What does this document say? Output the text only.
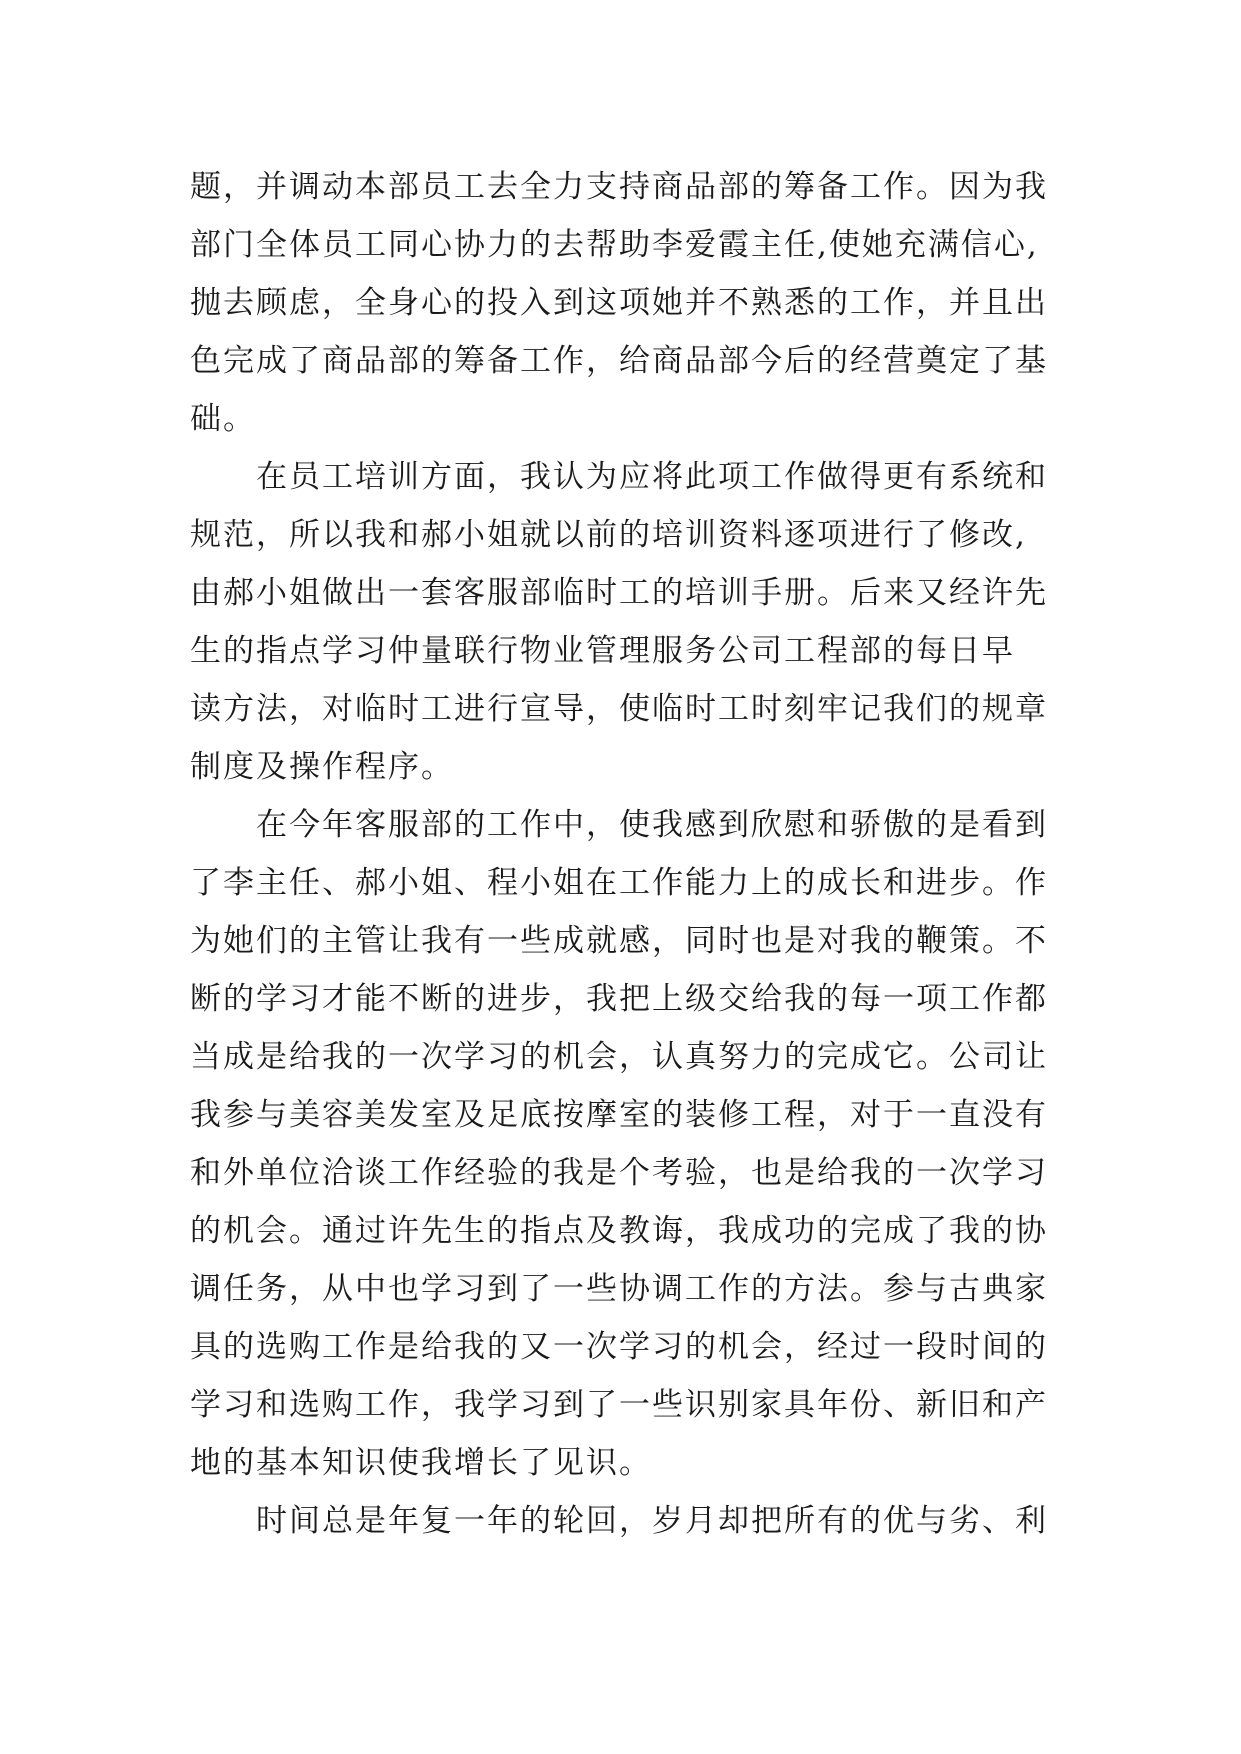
题，并调动本部员工去全力支持商品部的筹备工作。因为我
部门全体员工同心协力的去帮助李爱霞主任,使她充满信心,
抛去顾虑，全身心的投入到这项她并不熟悉的工作，并且出
色完成了商品部的筹备工作，给商品部今后的经营奠定了基
础。
在员工培训方面，我认为应将此项工作做得更有系统和
规范，所以我和郝小姐就以前的培训资料逐项进行了修改,
由郝小姐做出一套客服部临时工的培训手册。后来又经许先
生的指点学习仲量联行物业管理服务公司工程部的每日早
读方法，对临时工进行宣导，使临时工时刻牢记我们的规章
制度及操作程序。
在今年客服部的工作中，使我感到欣慰和骄傲的是看到
了李主任、郝小姐、程小姐在工作能力上的成长和进步。作
为她们的主管让我有一些成就感，同时也是对我的鞭策。不
断的学习才能不断的进步，我把上级交给我的每一项工作都
当成是给我的一次学习的机会，认真努力的完成它。公司让
我参与美容美发室及足底按摩室的装修工程，对于一直没有
和外单位洽谈工作经验的我是个考验，也是给我的一次学习
的机会。通过许先生的指点及教诲，我成功的完成了我的协
调任务，从中也学习到了一些协调工作的方法。参与古典家
具的选购工作是给我的又一次学习的机会，经过一段时间的
学习和选购工作，我学习到了一些识别家具年份、新旧和产
地的基本知识使我增长了见识。
时间总是年复一年的轮回，岁月却把所有的优与劣、利
